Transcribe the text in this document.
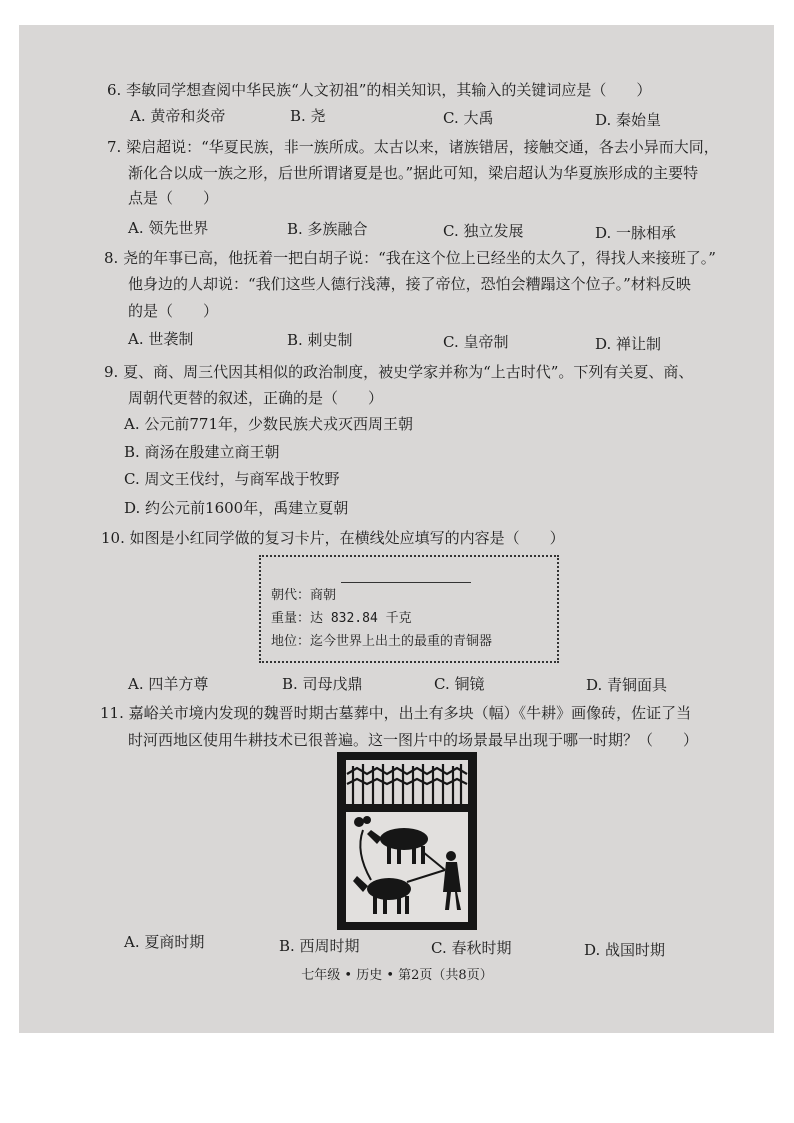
6. 李敏同学想查阅中华民族“人文初祖”的相关知识，其输入的关键词应是（　　）
A. 黄帝和炎帝	B. 尧	C. 大禹	D. 秦始皇
7. 梁启超说：“华夏民族，非一族所成。太古以来，诸族错居，接触交通，各去小异而大同，
渐化合以成一族之形，后世所谓诸夏是也。”据此可知，梁启超认为华夏族形成的主要特
点是（　　）
A. 领先世界	B. 多族融合	C. 独立发展	D. 一脉相承
8. 尧的年事已高，他抚着一把白胡子说：“我在这个位上已经坐的太久了，得找人来接班了。”
他身边的人却说：“我们这些人德行浅薄，接了帝位，恐怕会糟蹋这个位子。”材料反映
的是（　　）
A. 世袭制	B. 刺史制	C. 皇帝制	D. 禅让制
9. 夏、商、周三代因其相似的政治制度，被史学家并称为“上古时代”。下列有关夏、商、
周朝代更替的叙述，正确的是（　　）
A. 公元前771年，少数民族犬戎灭西周王朝
B. 商汤在殷建立商王朝
C. 周文王伐纣，与商军战于牧野
D. 约公元前1600年，禹建立夏朝
10. 如图是小红同学做的复习卡片，在横线处应填写的内容是（　　）
朝代：商朝
重量：达 832.84 千克
地位：迄今世界上出土的最重的青铜器
A. 四羊方尊	B. 司母戊鼎	C. 铜镜	D. 青铜面具
11. 嘉峪关市境内发现的魏晋时期古墓葬中，出土有多块（幅）《牛耕》画像砖，佐证了当
时河西地区使用牛耕技术已很普遍。这一图片中的场景最早出现于哪一时期？（　　）
A. 夏商时期	B. 西周时期	C. 春秋时期	D. 战国时期
七年级 • 历史 • 第2页（共8页）
